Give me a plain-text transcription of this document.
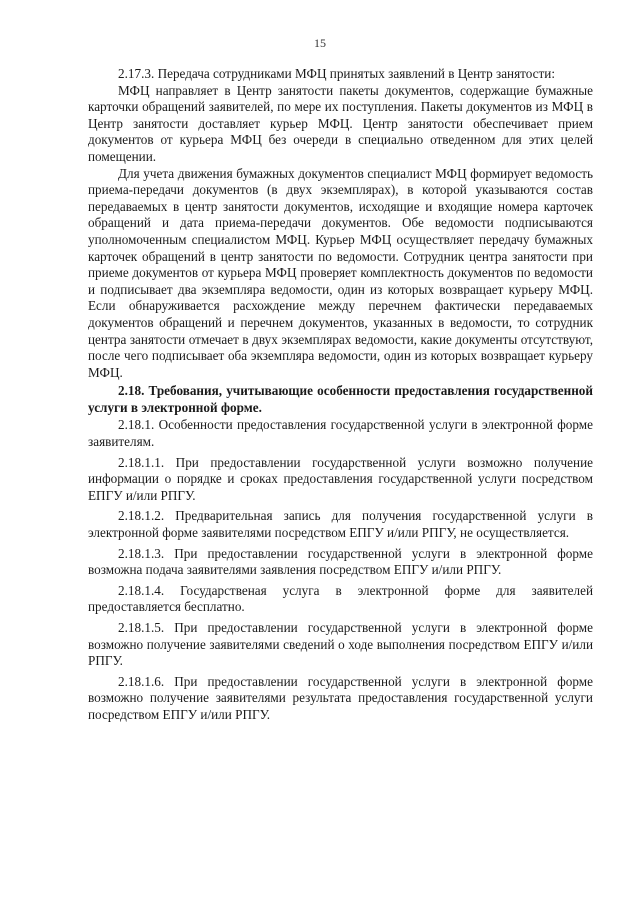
15

2.17.3. Передача сотрудниками МФЦ принятых заявлений в Центр занятости:

МФЦ направляет в Центр занятости пакеты документов, содержащие бумажные карточки обращений заявителей, по мере их поступления. Пакеты документов из МФЦ в Центр занятости доставляет курьер МФЦ. Центр занятости обеспечивает прием документов от курьера МФЦ без очереди в специально отведенном для этих целей помещении.

Для учета движения бумажных документов специалист МФЦ формирует ведомость приема-передачи документов (в двух экземплярах), в которой указываются состав передаваемых в центр занятости документов, исходящие и входящие номера карточек обращений и дата приема-передачи документов. Обе ведомости подписываются уполномоченным специалистом МФЦ. Курьер МФЦ осуществляет передачу бумажных карточек обращений в центр занятости по ведомости. Сотрудник центра занятости при приеме документов от курьера МФЦ проверяет комплектность документов по ведомости и подписывает два экземпляра ведомости, один из которых возвращает курьеру МФЦ. Если обнаруживается расхождение между перечнем фактически передаваемых документов обращений и перечнем документов, указанных в ведомости, то сотрудник центра занятости отмечает в двух экземплярах ведомости, какие документы отсутствуют, после чего подписывает оба экземпляра ведомости, один из которых возвращает курьеру МФЦ.

2.18. Требования, учитывающие особенности предоставления государственной услуги в электронной форме.

2.18.1. Особенности предоставления государственной услуги в электронной форме заявителям.

2.18.1.1. При предоставлении государственной услуги возможно получение информации о порядке и сроках предоставления государственной услуги посредством ЕПГУ и/или РПГУ.

2.18.1.2. Предварительная запись для получения государственной услуги в электронной форме заявителями посредством ЕПГУ и/или РПГУ, не осуществляется.

2.18.1.3. При предоставлении государственной услуги в электронной форме возможна подача заявителями заявления посредством ЕПГУ и/или РПГУ.

2.18.1.4. Государственая услуга в электронной форме для заявителей предоставляется бесплатно.

2.18.1.5. При предоставлении государственной услуги в электронной форме возможно получение заявителями сведений о ходе выполнения посредством ЕПГУ и/или РПГУ.

2.18.1.6. При предоставлении государственной услуги в электронной форме возможно получение заявителями результата предоставления государственной услуги посредством ЕПГУ и/или РПГУ.
